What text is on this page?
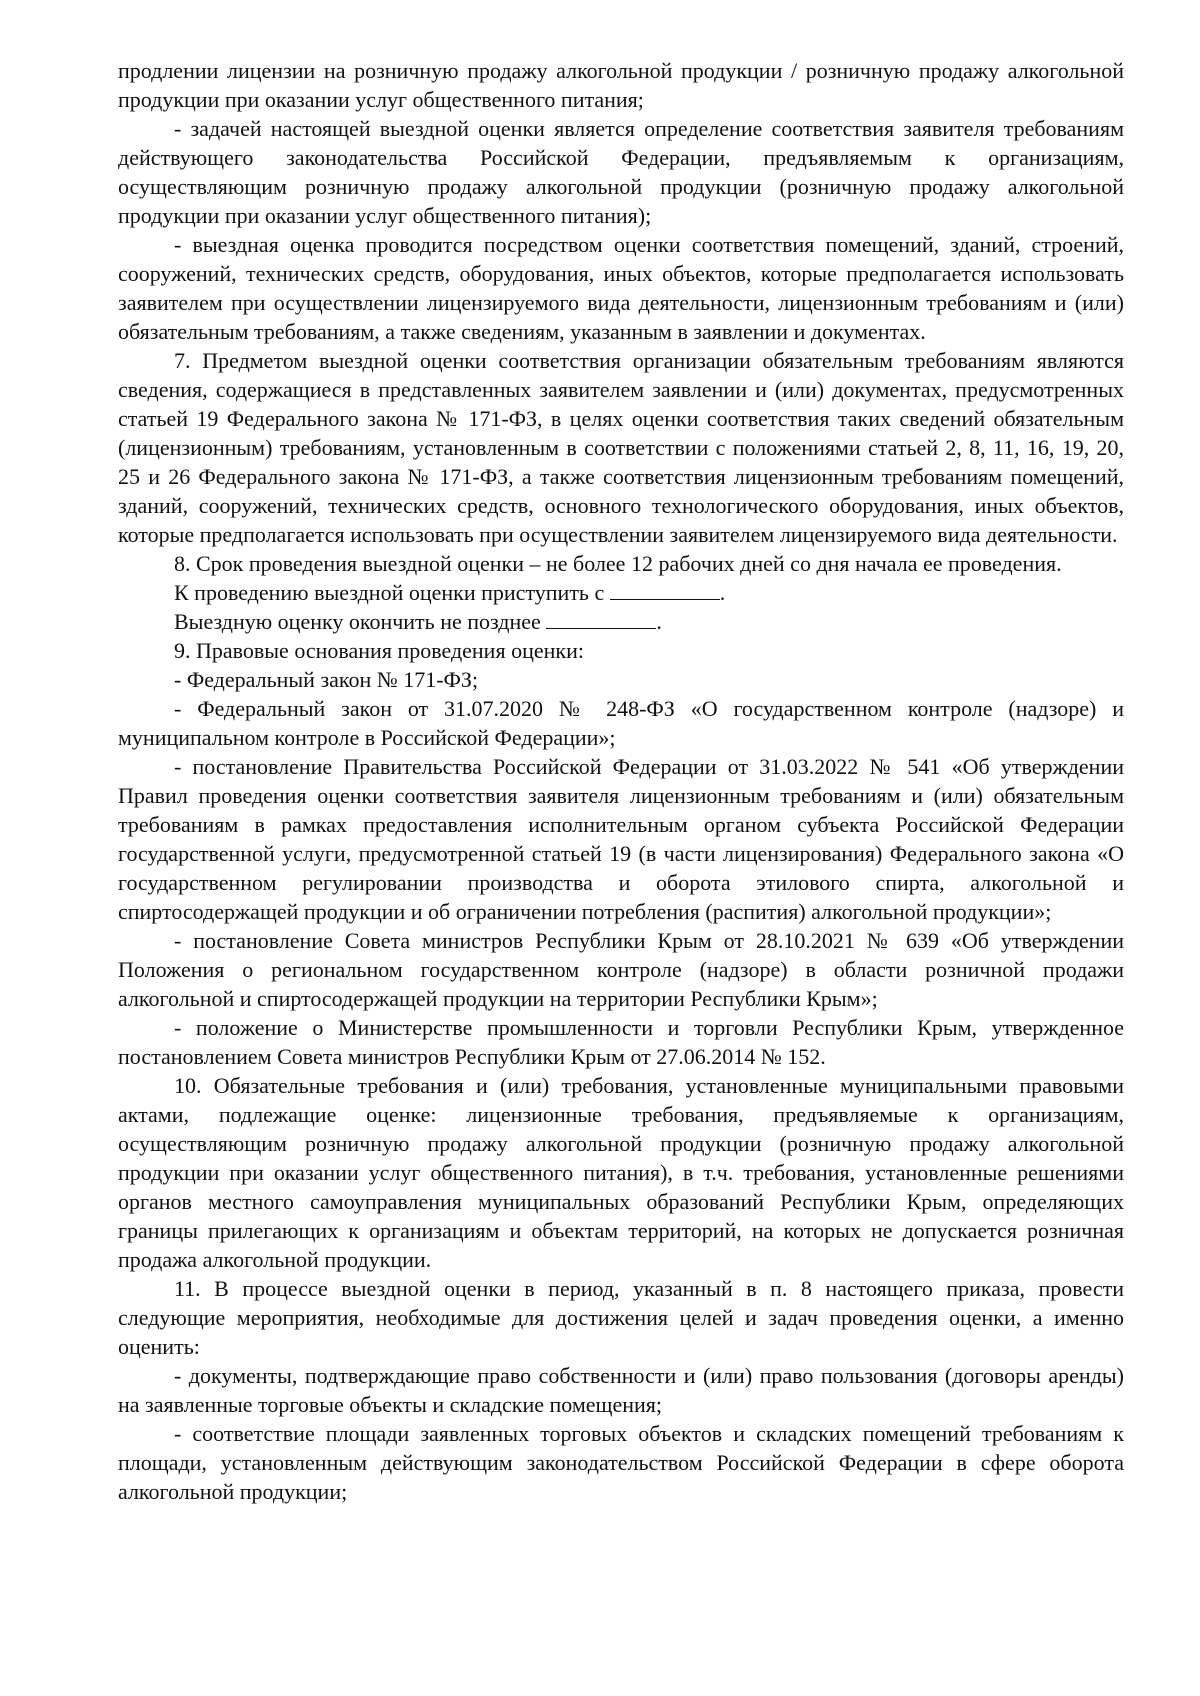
продлении лицензии на розничную продажу алкогольной продукции / розничную продажу алкогольной продукции при оказании услуг общественного питания;

- задачей настоящей выездной оценки является определение соответствия заявителя требованиям действующего законодательства Российской Федерации, предъявляемым к организациям, осуществляющим розничную продажу алкогольной продукции (розничную продажу алкогольной продукции при оказании услуг общественного питания);

- выездная оценка проводится посредством оценки соответствия помещений, зданий, строений, сооружений, технических средств, оборудования, иных объектов, которые предполагается использовать заявителем при осуществлении лицензируемого вида деятельности, лицензионным требованиям и (или) обязательным требованиям, а также сведениям, указанным в заявлении и документах.

7. Предметом выездной оценки соответствия организации обязательным требованиям являются сведения, содержащиеся в представленных заявителем заявлении и (или) документах, предусмотренных статьей 19 Федерального закона № 171-ФЗ, в целях оценки соответствия таких сведений обязательным (лицензионным) требованиям, установленным в соответствии с положениями статьей 2, 8, 11, 16, 19, 20, 25 и 26 Федерального закона № 171-ФЗ, а также соответствия лицензионным требованиям помещений, зданий, сооружений, технических средств, основного технологического оборудования, иных объектов, которые предполагается использовать при осуществлении заявителем лицензируемого вида деятельности.

8. Срок проведения выездной оценки – не более 12 рабочих дней со дня начала ее проведения.

К проведению выездной оценки приступить с	.

Выездную оценку окончить не позднее	.

9. Правовые основания проведения оценки:

- Федеральный закон № 171-ФЗ;

- Федеральный закон от 31.07.2020 № 248-ФЗ «О государственном контроле (надзоре) и муниципальном контроле в Российской Федерации»;

- постановление Правительства Российской Федерации от 31.03.2022 № 541 «Об утверждении Правил проведения оценки соответствия заявителя лицензионным требованиям и (или) обязательным требованиям в рамках предоставления исполнительным органом субъекта Российской Федерации государственной услуги, предусмотренной статьей 19 (в части лицензирования) Федерального закона «О государственном регулировании производства и оборота этилового спирта, алкогольной и спиртосодержащей продукции и об ограничении потребления (распития) алкогольной продукции»;

- постановление Совета министров Республики Крым от 28.10.2021 № 639 «Об утверждении Положения о региональном государственном контроле (надзоре) в области розничной продажи алкогольной и спиртосодержащей продукции на территории Республики Крым»;

- положение о Министерстве промышленности и торговли Республики Крым, утвержденное постановлением Совета министров Республики Крым от 27.06.2014 № 152.

10. Обязательные требования и (или) требования, установленные муниципальными правовыми актами, подлежащие оценке: лицензионные требования, предъявляемые к организациям, осуществляющим розничную продажу алкогольной продукции (розничную продажу алкогольной продукции при оказании услуг общественного питания), в т.ч. требования, установленные решениями органов местного самоуправления муниципальных образований Республики Крым, определяющих границы прилегающих к организациям и объектам территорий, на которых не допускается розничная продажа алкогольной продукции.

11. В процессе выездной оценки в период, указанный в п. 8 настоящего приказа, провести следующие мероприятия, необходимые для достижения целей и задач проведения оценки, а именно оценить:

- документы, подтверждающие право собственности и (или) право пользования (договоры аренды) на заявленные торговые объекты и складские помещения;

- соответствие площади заявленных торговых объектов и складских помещений требованиям к площади, установленным действующим законодательством Российской Федерации в сфере оборота алкогольной продукции;
